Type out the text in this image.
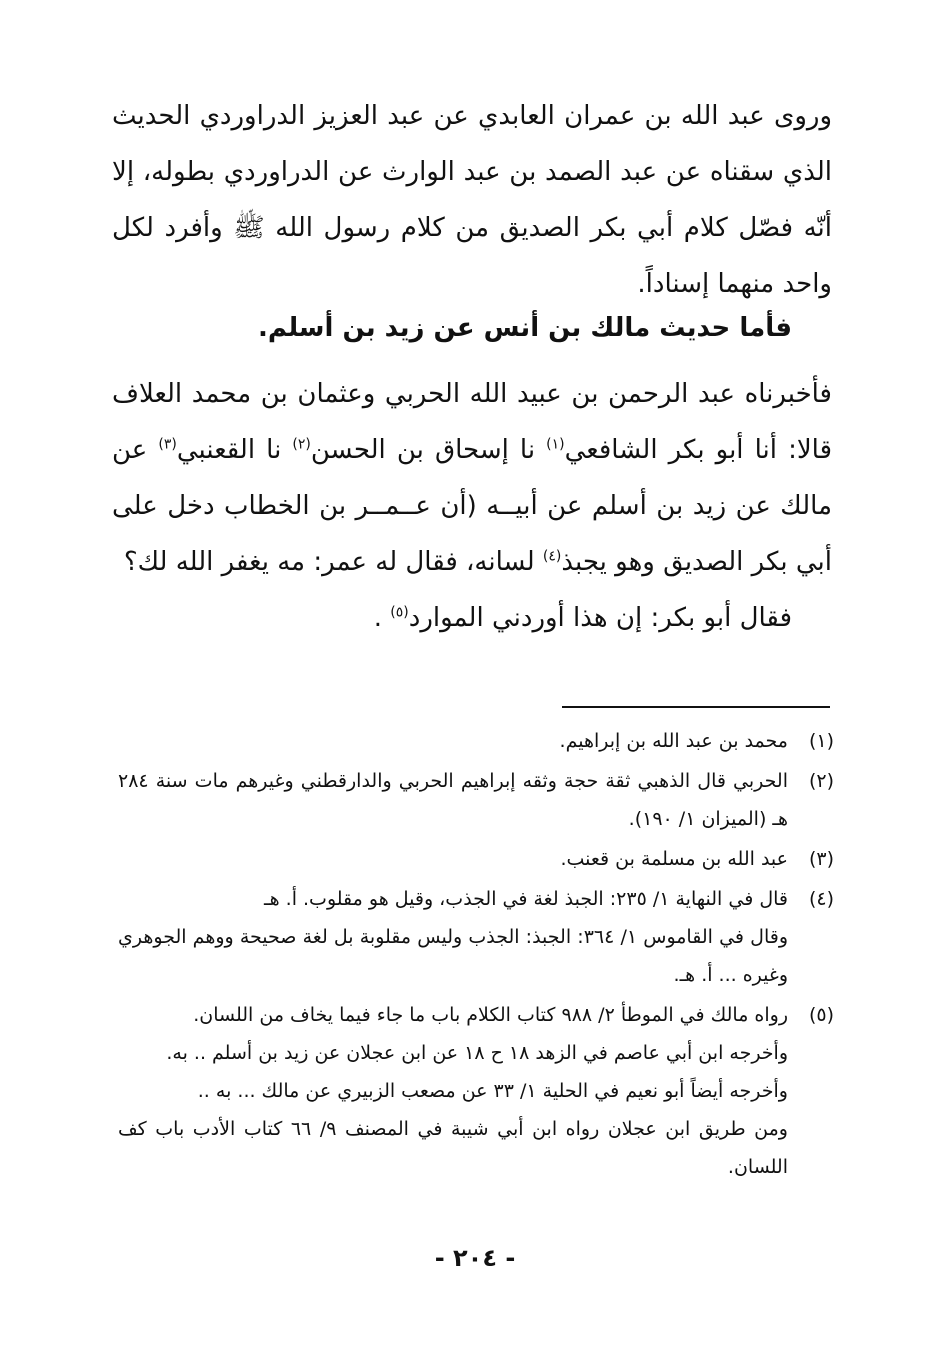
وروى عبد الله بن عمران العابدي عن عبد العزيز الدراوردي الحديث الذي سقناه عن عبد الصمد بن عبد الوارث عن الدراوردي بطوله، إلا أنّه فصّل كلام أبي بكر الصديق من كلام رسول الله ﷺ وأفرد لكل واحد منهما إسناداً.

فأما حديث مالك بن أنس عن زيد بن أسلم.

فأخبرناه عبد الرحمن بن عبيد الله الحربي وعثمان بن محمد العلاف قالا: أنا أبو بكر الشافعي$^{(١)}$ نا إسحاق بن الحسن$^{(٢)}$ نا القعنبي$^{(٣)}$ عن مالك عن زيد بن أسلم عن أبيــه (أن عــمــر بن الخطاب دخل على أبي بكر الصديق وهو يجبذ$^{(٤)}$ لسانه، فقال له عمر: مه يغفر الله لك؟

فقال أبو بكر: إن هذا أوردني الموارد$^{(٥)}$ .
(١)
محمد بن عبد الله بن إبراهيم.
(٢)
الحربي قال الذهبي ثقة حجة وثقه إبراهيم الحربي والدارقطني وغيرهم مات سنة ٢٨٤ هـ (الميزان ١/ ١٩٠).
(٣)
عبد الله بن مسلمة بن قعنب.
(٤)
قال في النهاية ١/ ٢٣٥: الجبذ لغة في الجذب، وقيل هو مقلوب. أ. هـ
وقال في القاموس ١/ ٣٦٤: الجبذ: الجذب وليس مقلوبة بل لغة صحيحة ووهم الجوهري وغيره ... أ. هـ.
(٥)
رواه مالك في الموطأ ٢/ ٩٨٨ كتاب الكلام باب ما جاء فيما يخاف من اللسان.
وأخرجه ابن أبي عاصم في الزهد ١٨ ح ١٨ عن ابن عجلان عن زيد بن أسلم .. به.
وأخرجه أيضاً أبو نعيم في الحلية ١/ ٣٣ عن مصعب الزبيري عن مالك ... به ..
ومن طريق ابن عجلان رواه ابن أبي شيبة في المصنف ٩/ ٦٦ كتاب الأدب باب كف اللسان.
- ٢٠٤ -
